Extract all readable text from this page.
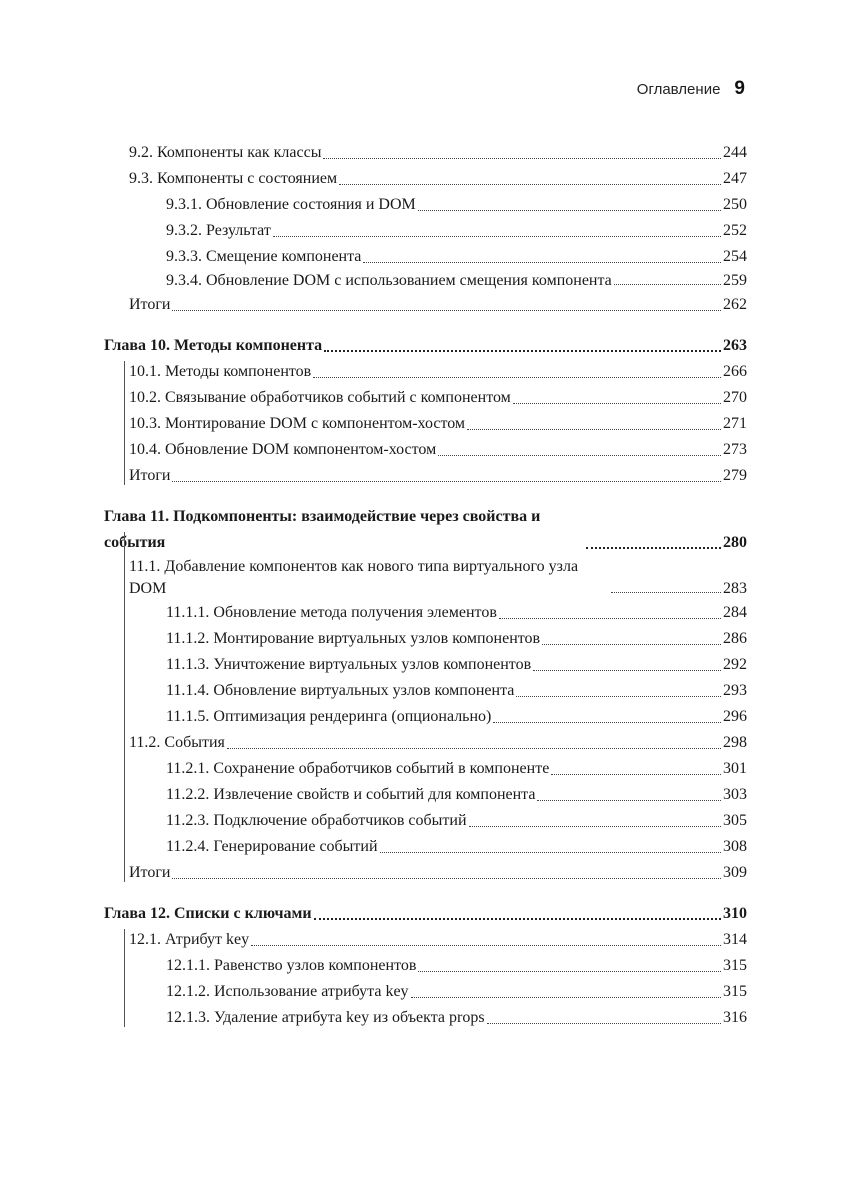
Оглавление 9
9.2. Компоненты как классы	244
9.3. Компоненты с состоянием	247
9.3.1. Обновление состояния и DOM	250
9.3.2. Результат	252
9.3.3. Смещение компонента	254
9.3.4. Обновление DOM с использованием смещения компонента	259
Итоги	262
Глава 10. Методы компонента	263
10.1. Методы компонентов	266
10.2. Связывание обработчиков событий с компонентом	270
10.3. Монтирование DOM с компонентом-хостом	271
10.4. Обновление DOM компонентом-хостом	273
Итоги	279
Глава 11. Подкомпоненты: взаимодействие через свойства и события	280
11.1. Добавление компонентов как нового типа виртуального узла DOM	283
11.1.1. Обновление метода получения элементов	284
11.1.2. Монтирование виртуальных узлов компонентов	286
11.1.3. Уничтожение виртуальных узлов компонентов	292
11.1.4. Обновление виртуальных узлов компонента	293
11.1.5. Оптимизация рендеринга (опционально)	296
11.2. События	298
11.2.1. Сохранение обработчиков событий в компоненте	301
11.2.2. Извлечение свойств и событий для компонента	303
11.2.3. Подключение обработчиков событий	305
11.2.4. Генерирование событий	308
Итоги	309
Глава 12. Списки с ключами	310
12.1. Атрибут key	314
12.1.1. Равенство узлов компонентов	315
12.1.2. Использование атрибута key	315
12.1.3. Удаление атрибута key из объекта props	316
